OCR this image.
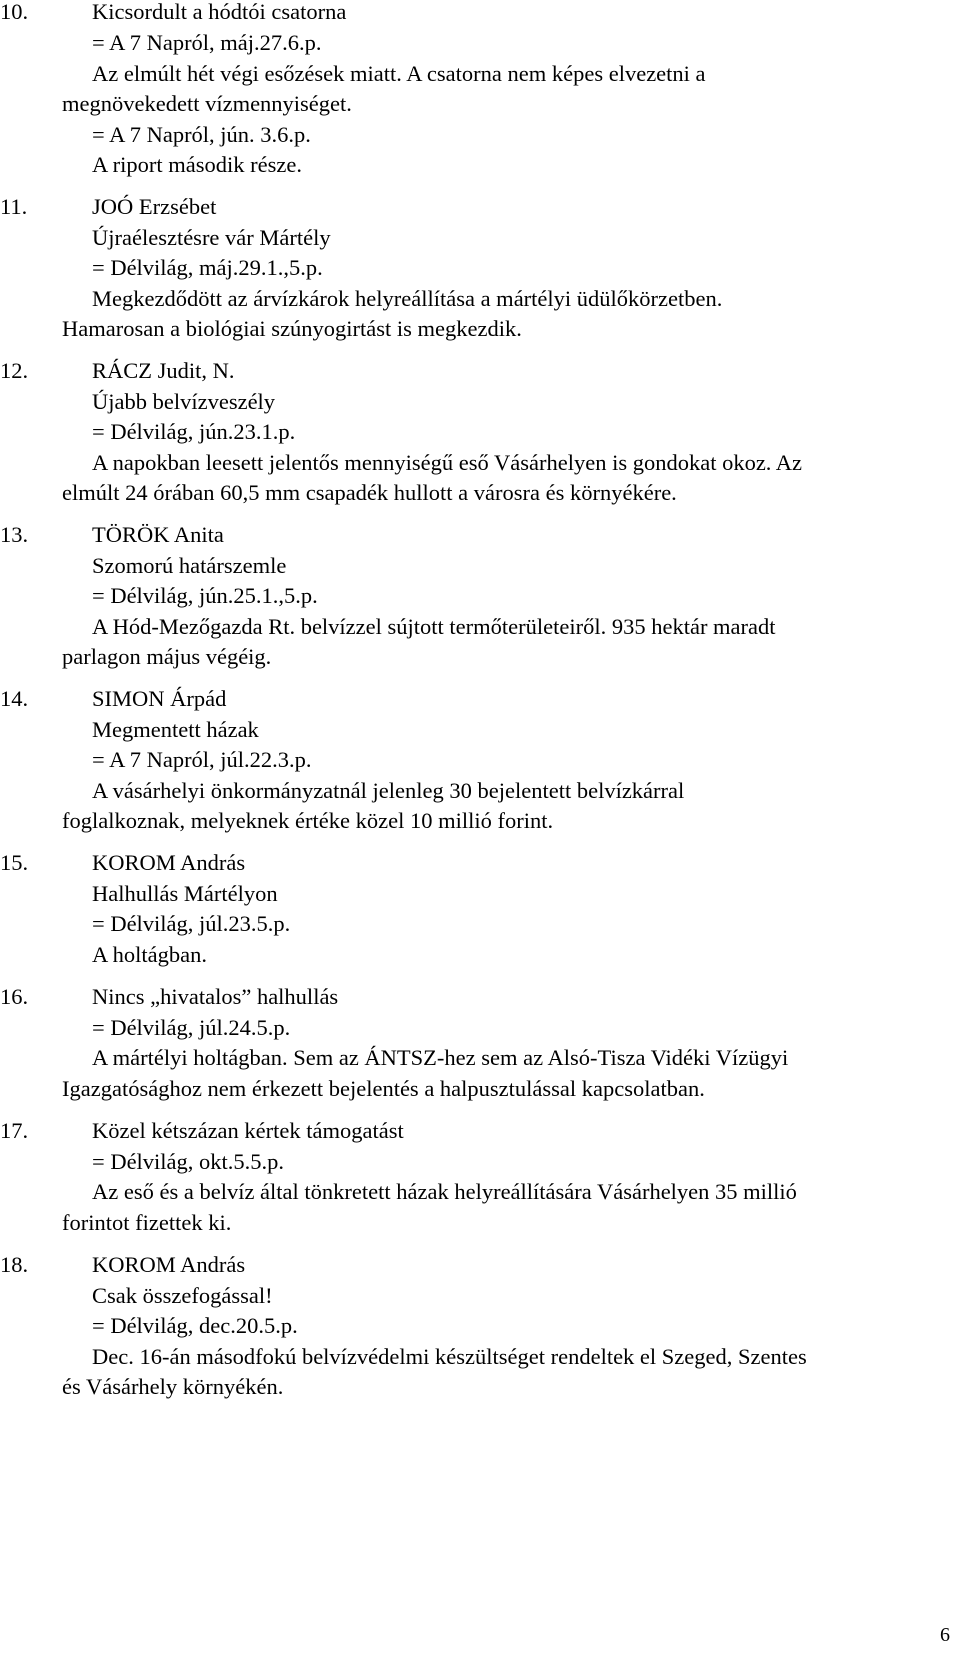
10.	Kicsordult a hódtói csatorna

= A 7 Napról, máj.27.6.p.

Az elmúlt hét végi esőzések miatt. A csatorna nem képes elvezetni a

megnövekedett vízmennyiséget.

= A 7 Napról, jún. 3.6.p.

A riport második része.

11.	JOÓ Erzsébet

Újraélesztésre vár Mártély

= Délvilág, máj.29.1.,5.p.

Megkezdődött az árvízkárok helyreállítása a mártélyi üdülőkörzetben.

Hamarosan a biológiai szúnyogirtást is megkezdik.

12.	RÁCZ Judit, N.

Újabb belvízveszély

= Délvilág, jún.23.1.p.

A napokban leesett jelentős mennyiségű eső Vásárhelyen is gondokat okoz. Az

elmúlt 24 órában 60,5 mm csapadék hullott a városra és környékére.

13.	TÖRÖK Anita

Szomorú határszemle

= Délvilág, jún.25.1.,5.p.

A Hód-Mezőgazda Rt. belvízzel sújtott termőterületeiről. 935 hektár maradt

parlagon május végéig.

14.	SIMON Árpád

Megmentett házak

= A 7 Napról, júl.22.3.p.

A vásárhelyi önkormányzatnál jelenleg 30 bejelentett belvízkárral

foglalkoznak, melyeknek értéke közel 10 millió forint.

15.	KOROM András

Halhullás Mártélyon

= Délvilág, júl.23.5.p.

A holtágban.

16.	Nincs „hivatalos” halhullás

= Délvilág, júl.24.5.p.

A mártélyi holtágban. Sem az ÁNTSZ-hez sem az Alsó-Tisza Vidéki Vízügyi

Igazgatósághoz nem érkezett bejelentés a halpusztulással kapcsolatban.

17.	Közel kétszázan kértek támogatást

= Délvilág, okt.5.5.p.

Az eső és a belvíz által tönkretett házak helyreállítására Vásárhelyen 35 millió

forintot fizettek ki.

18.	KOROM András

Csak összefogással!

= Délvilág, dec.20.5.p.

Dec. 16-án másodfokú belvízvédelmi készültséget rendeltek el Szeged, Szentes

és Vásárhely környékén.

6
